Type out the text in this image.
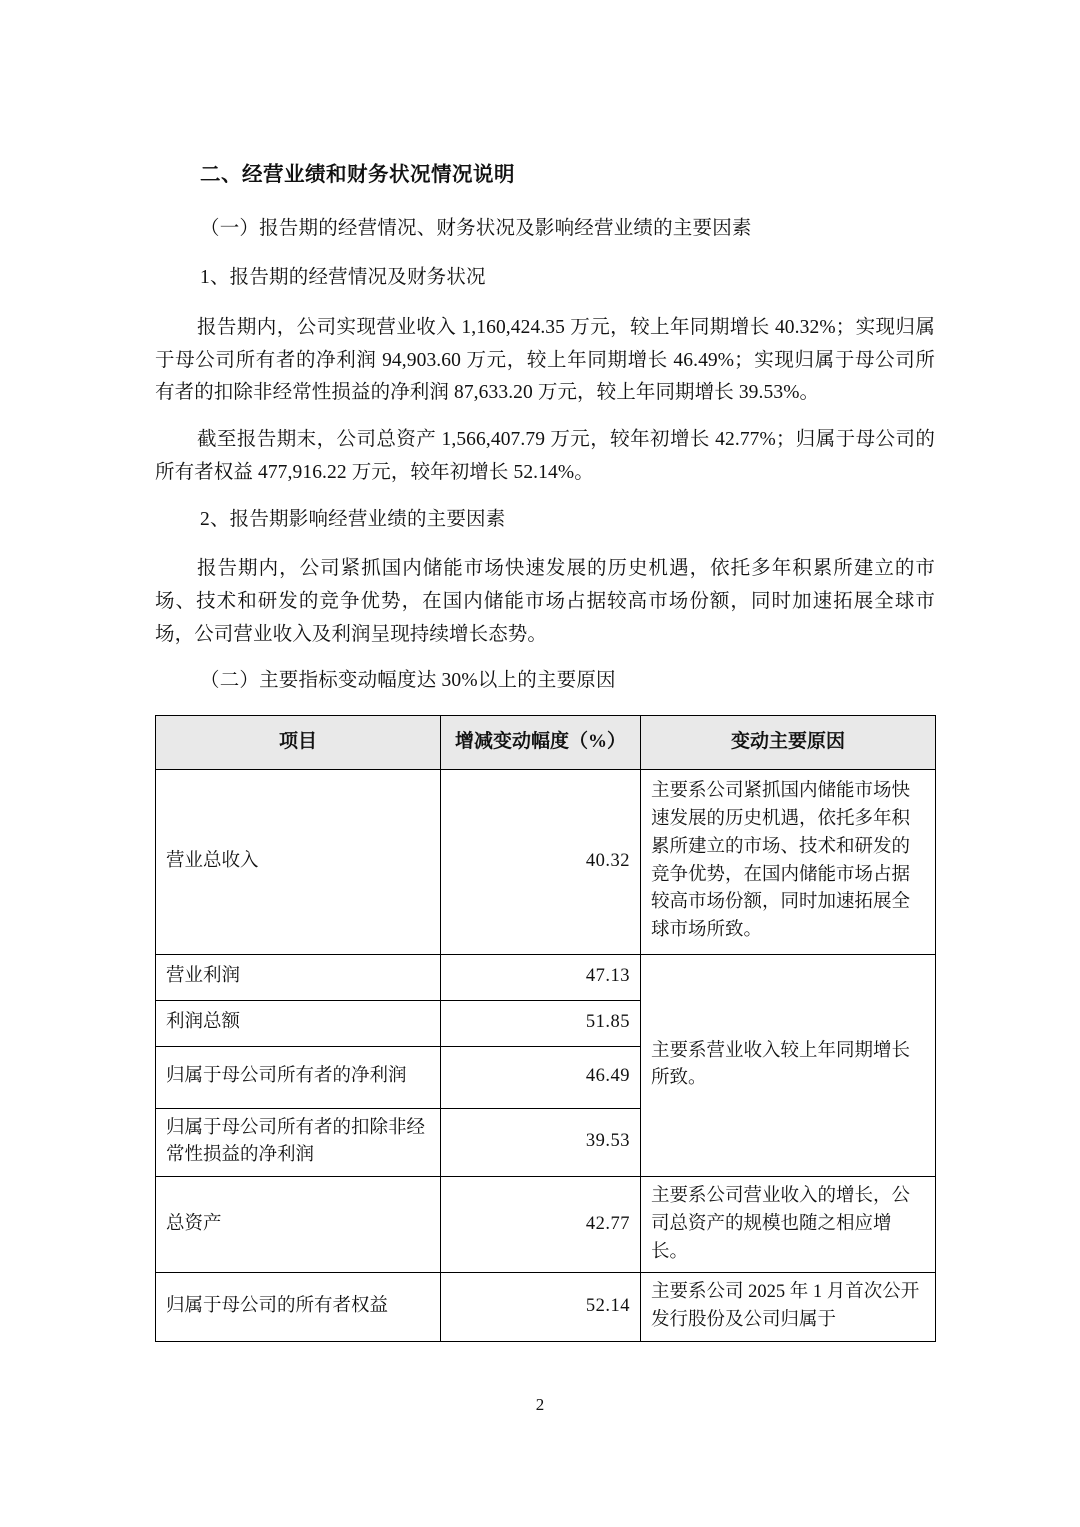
二、经营业绩和财务状况情况说明
（一）报告期的经营情况、财务状况及影响经营业绩的主要因素
1、报告期的经营情况及财务状况
报告期内，公司实现营业收入 1,160,424.35 万元，较上年同期增长 40.32%；实现归属于母公司所有者的净利润 94,903.60 万元，较上年同期增长 46.49%；实现归属于母公司所有者的扣除非经常性损益的净利润 87,633.20 万元，较上年同期增长 39.53%。
截至报告期末，公司总资产 1,566,407.79 万元，较年初增长 42.77%；归属于母公司的所有者权益 477,916.22 万元，较年初增长 52.14%。
2、报告期影响经营业绩的主要因素
报告期内，公司紧抓国内储能市场快速发展的历史机遇，依托多年积累所建立的市场、技术和研发的竞争优势，在国内储能市场占据较高市场份额，同时加速拓展全球市场，公司营业收入及利润呈现持续增长态势。
（二）主要指标变动幅度达 30%以上的主要原因
项目	增减变动幅度（%）	变动主要原因
营业总收入	40.32	主要系公司紧抓国内储能市场快速发展的历史机遇，依托多年积累所建立的市场、技术和研发的竞争优势，在国内储能市场占据较高市场份额，同时加速拓展全球市场所致。
营业利润	47.13	主要系营业收入较上年同期增长所致。
利润总额	51.85	
归属于母公司所有者的净利润	46.49	
归属于母公司所有者的扣除非经常性损益的净利润	39.53	
总资产	42.77	主要系公司营业收入的增长，公司总资产的规模也随之相应增长。
归属于母公司的所有者权益	52.14	主要系公司 2025 年 1 月首次公开发行股份及公司归属于
2
